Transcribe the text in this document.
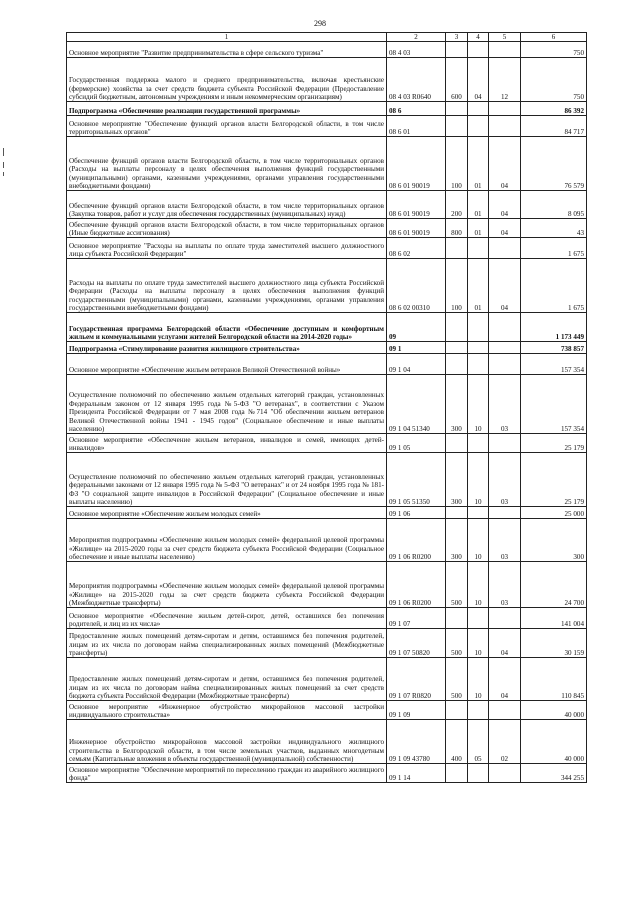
298
1	2	3	4	5	6
Основное мероприятие "Развитие предпринимательства в сфере сельского туризма"	08 4 03				750
Государственная поддержка малого и среднего предпринимательства, включая крестьянские (фермерские) хозяйства за счет средств бюджета субъекта Российской Федерации (Предоставление субсидий бюджетным, автономным учреждениям и иным некоммерческим организациям)	08 4 03 R0640	600	04	12	750
Подпрограмма «Обеспечение реализации государственной программы»	08 6				86 392
Основное мероприятие "Обеспечение функций органов власти Белгородской области, в том числе территориальных органов"	08 6 01				84 717
Обеспечение функций органов власти Белгородской области, в том числе территориальных органов (Расходы на выплаты персоналу в целях обеспечения выполнения функций государственными (муниципальными) органами, казенными учреждениями, органами управления государственными внебюджетными фондами)	08 6 01 90019	100	01	04	76 579
Обеспечение функций органов власти Белгородской области, в том числе территориальных органов (Закупка товаров, работ и услуг для обеспечения государственных (муниципальных) нужд)	08 6 01 90019	200	01	04	8 095
Обеспечение функций органов власти Белгородской области, в том числе территориальных органов (Иные бюджетные ассигнования)	08 6 01 90019	800	01	04	43
Основное мероприятие "Расходы на выплаты по оплате труда заместителей высшего должностного лица субъекта Российской Федерации"	08 6 02				1 675
Расходы на выплаты по оплате труда заместителей высшего должностного лица субъекта Российской Федерации (Расходы на выплаты персоналу в целях обеспечения выполнения функций государственными (муниципальными) органами, казенными учреждениями, органами управления государственными внебюджетными фондами)	08 6 02 00310	100	01	04	1 675
Государственная программа Белгородской области «Обеспечение доступным и комфортным жильем и коммунальными услугами жителей Белгородской области на 2014-2020 годы»	09				1 173 449
Подпрограмма «Стимулирование развития жилищного строительства»	09 1				738 857
Основное мероприятие «Обеспечение жильем ветеранов Великой Отечественной войны»	09 1 04				157 354
Осуществление полномочий по обеспечению жильем отдельных категорий граждан, установленных Федеральным законом от 12 января 1995 года №5-ФЗ "О ветеранах", в соответствии с Указом Президента Российской Федерации от 7 мая 2008 года №714 "Об обеспечении жильем ветеранов Великой Отечественной войны 1941 - 1945 годов" (Социальное обеспечение и иные выплаты населению)	09 1 04 51340	300	10	03	157 354
Основное мероприятие «Обеспечение жильем ветеранов, инвалидов и семей, имеющих детей-инвалидов»	09 1 05				25 179
Осуществление полномочий по обеспечению жильем отдельных категорий граждан, установленных федеральными законами от 12 января 1995 года № 5-ФЗ "О ветеранах" и от 24 ноября 1995 года № 181-ФЗ "О социальной защите инвалидов в Российской Федерации" (Социальное обеспечение и иные выплаты населению)	09 1 05 51350	300	10	03	25 179
Основное мероприятие «Обеспечение жильем молодых семей»	09 1 06				25 000
Мероприятия подпрограммы «Обеспечение жильем молодых семей» федеральной целевой программы «Жилище» на 2015-2020 годы за счет средств бюджета субъекта Российской Федерации (Социальное обеспечение и иные выплаты населению)	09 1 06 R0200	300	10	03	300
Мероприятия подпрограммы «Обеспечение жильем молодых семей» федеральной целевой программы «Жилище» на 2015-2020 годы за счет средств бюджета субъекта Российской Федерации (Межбюджетные трансферты)	09 1 06 R0200	500	10	03	24 700
Основное мероприятие «Обеспечение жильем детей-сирот, детей, оставшихся без попечения родителей, и лиц из их числа»	09 1 07				141 004
Предоставление жилых помещений детям-сиротам и детям, оставшимся без попечения родителей, лицам из их числа по договорам найма специализированных жилых помещений (Межбюджетные трансферты)	09 1 07 50820	500	10	04	30 159
Предоставление жилых помещений детям-сиротам и детям, оставшимся без попечения родителей, лицам из их числа по договорам найма специализированных жилых помещений за счет средств бюджета субъекта Российской Федерации (Межбюджетные трансферты)	09 1 07 R0820	500	10	04	110 845
Основное мероприятие «Инженерное обустройство микрорайонов массовой застройки индивидуального строительства»	09 1 09				40 000
Инженерное обустройство микрорайонов массовой застройки индивидуального жилищного строительства в Белгородской области, в том числе земельных участков, выданных многодетным семьям (Капитальные вложения в объекты государственной (муниципальной) собственности)	09 1 09 43780	400	05	02	40 000
Основное мероприятие "Обеспечение мероприятий по переселению граждан из аварийного жилищного фонда"	09 1 14				344 255
